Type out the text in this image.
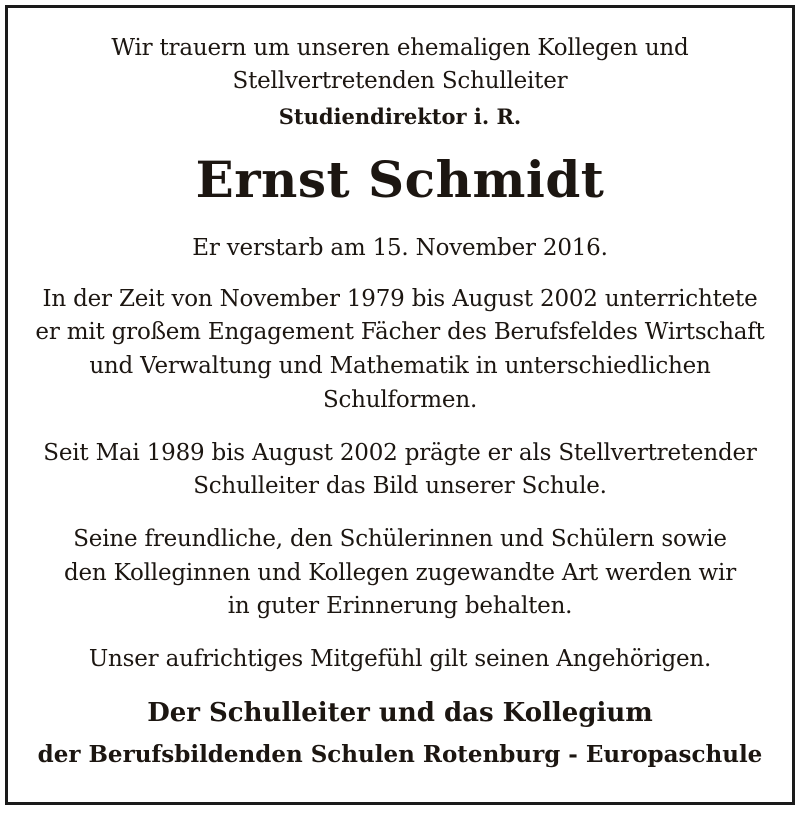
Wir trauern um unseren ehemaligen Kollegen und
Stellvertretenden Schulleiter
Studiendirektor i. R.
Ernst Schmidt
Er verstarb am 15. November 2016.
In der Zeit von November 1979 bis August 2002 unterrichtete
er mit großem Engagement Fächer des Berufsfeldes Wirtschaft
und Verwaltung und Mathematik in unterschiedlichen
Schulformen.
Seit Mai 1989 bis August 2002 prägte er als Stellvertretender
Schulleiter das Bild unserer Schule.
Seine freundliche, den Schülerinnen und Schülern sowie
den Kolleginnen und Kollegen zugewandte Art werden wir
in guter Erinnerung behalten.
Unser aufrichtiges Mitgefühl gilt seinen Angehörigen.
Der Schulleiter und das Kollegium
der Berufsbildenden Schulen Rotenburg - Europaschule
